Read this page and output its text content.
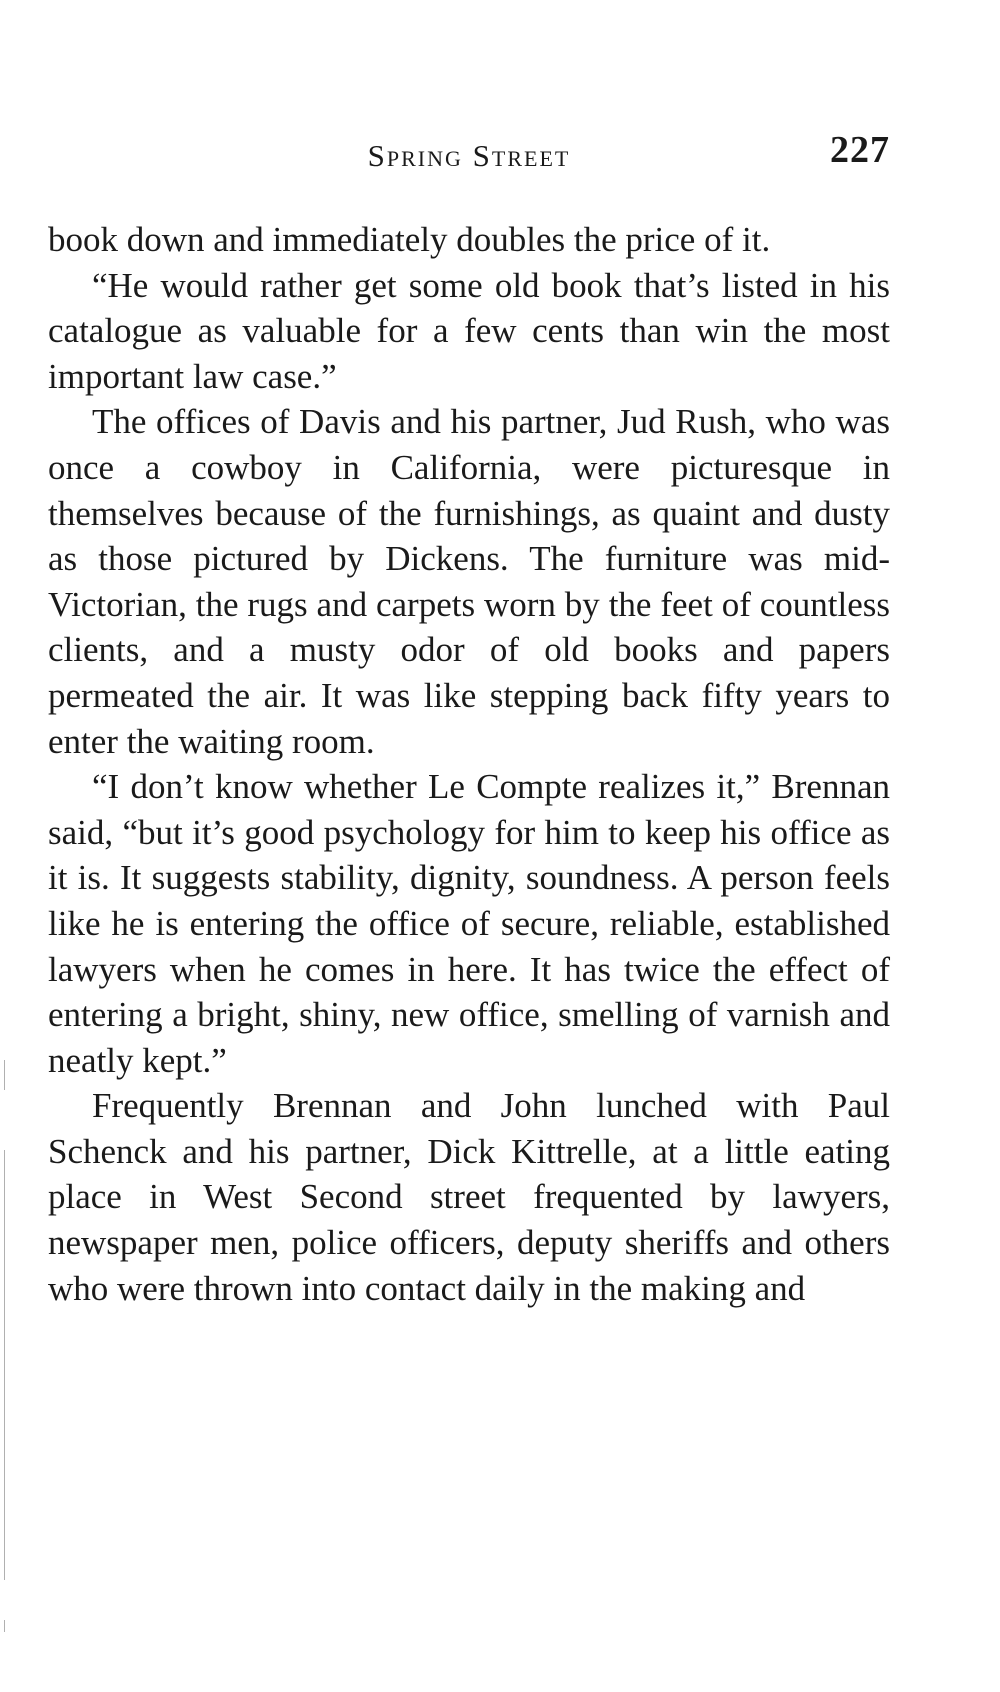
Spring Street	227

book down and immediately doubles the price of it.

“He would rather get some old book that’s listed in his catalogue as valuable for a few cents than win the most important law case.”

The offices of Davis and his partner, Jud Rush, who was once a cowboy in California, were picturesque in themselves because of the furnishings, as quaint and dusty as those pictured by Dickens. The furniture was mid-Victorian, the rugs and carpets worn by the feet of countless clients, and a musty odor of old books and papers permeated the air. It was like stepping back fifty years to enter the waiting room.

“I don’t know whether Le Compte realizes it,” Brennan said, “but it’s good psychology for him to keep his office as it is. It suggests stability, dignity, soundness. A person feels like he is entering the office of secure, reliable, established lawyers when he comes in here. It has twice the effect of entering a bright, shiny, new office, smelling of varnish and neatly kept.”

Frequently Brennan and John lunched with Paul Schenck and his partner, Dick Kittrelle, at a little eating place in West Second street frequented by lawyers, newspaper men, police officers, deputy sheriffs and others who were thrown into contact daily in the making and
